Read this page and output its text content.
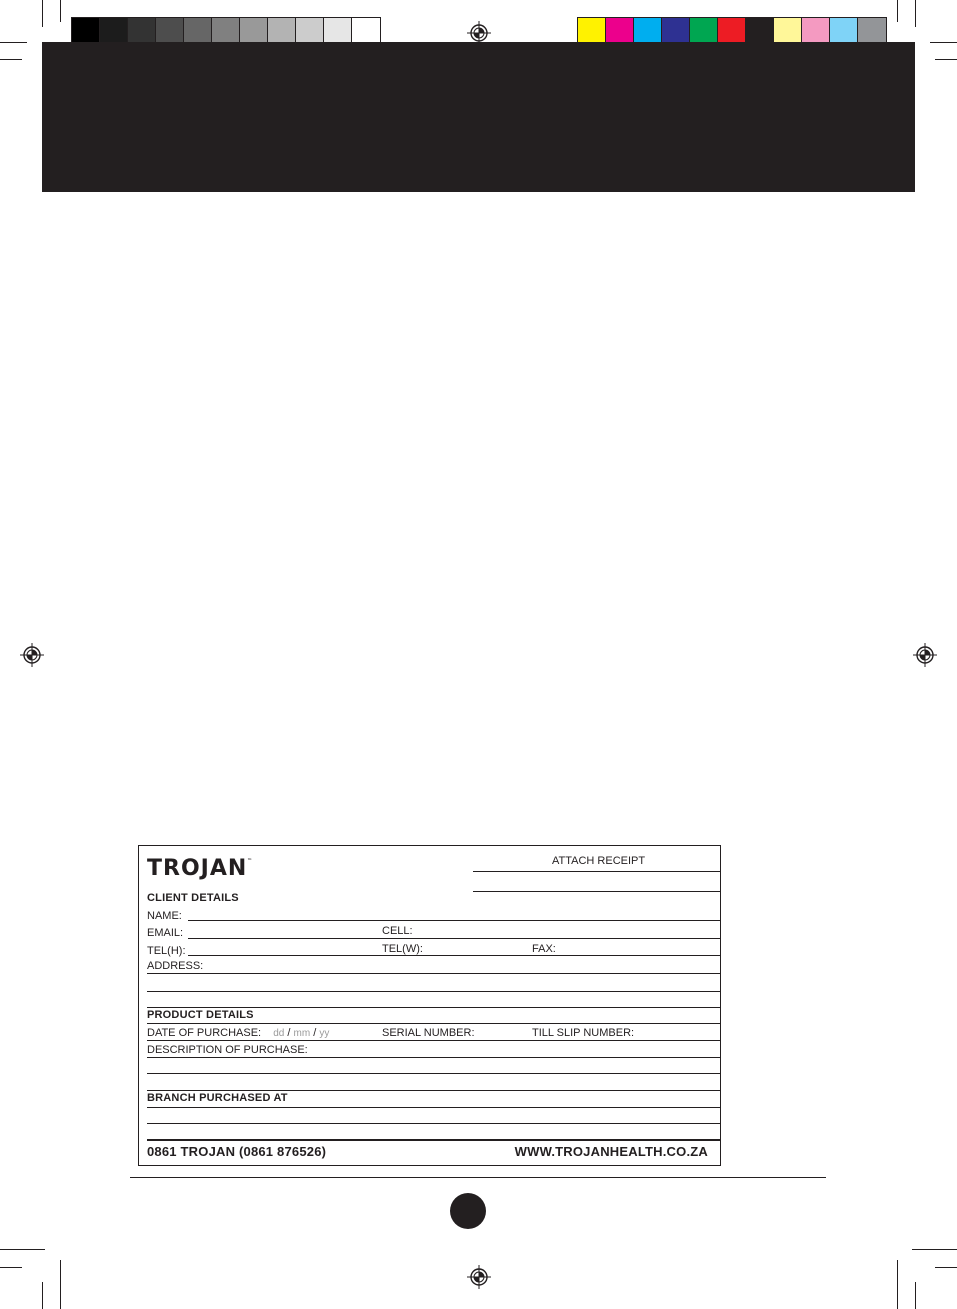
TROJAN™	ATTACH RECEIPT
CLIENT DETAILS
NAME:
EMAIL:	CELL:
TEL(H):	TEL(W):	FAX:
ADDRESS:
PRODUCT DETAILS
DATE OF PURCHASE: dd / mm / yy	SERIAL NUMBER:	TILL SLIP NUMBER:
DESCRIPTION OF PURCHASE:
BRANCH PURCHASED AT
0861 TROJAN (0861 876526)	WWW.TROJANHEALTH.CO.ZA
